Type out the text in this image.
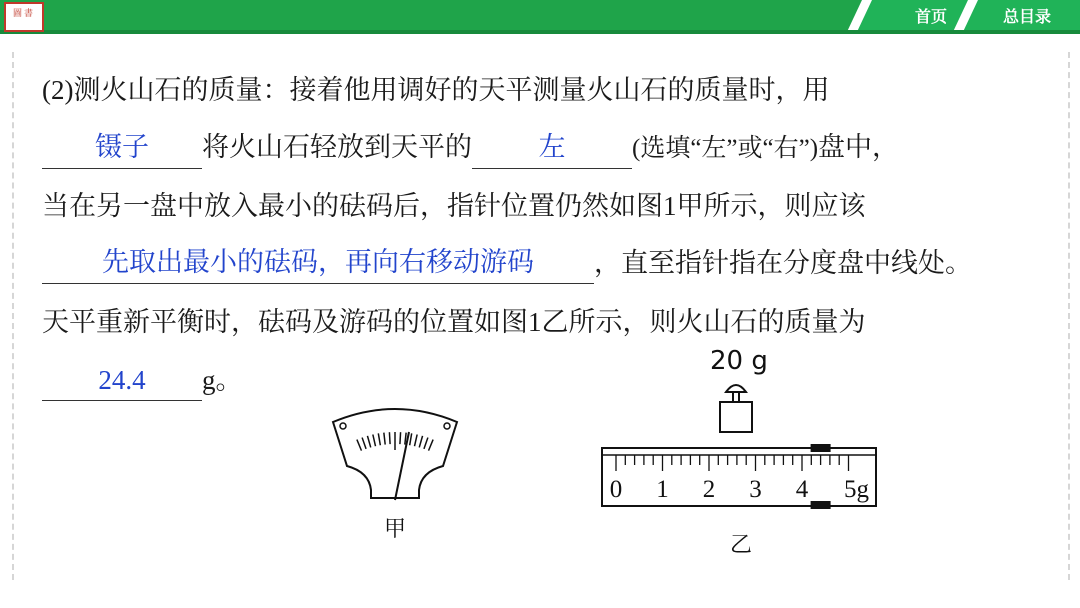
圖書	首页	总目录
(2)测火山石的质量：接着他用调好的天平测量火山石的质量时，用
镊子	将火山石轻放到天平的	左	(选填“左”或“右”)盘中，
当在另一盘中放入最小的砝码后，指针位置仍然如图1甲所示，则应该
先取出最小的砝码，再向右移动游码	，直至指针指在分度盘中线处。
天平重新平衡时，砝码及游码的位置如图1乙所示，则火山石的质量为
24.4	g。
甲
20 g
0 1 2 3 4 5g
乙
